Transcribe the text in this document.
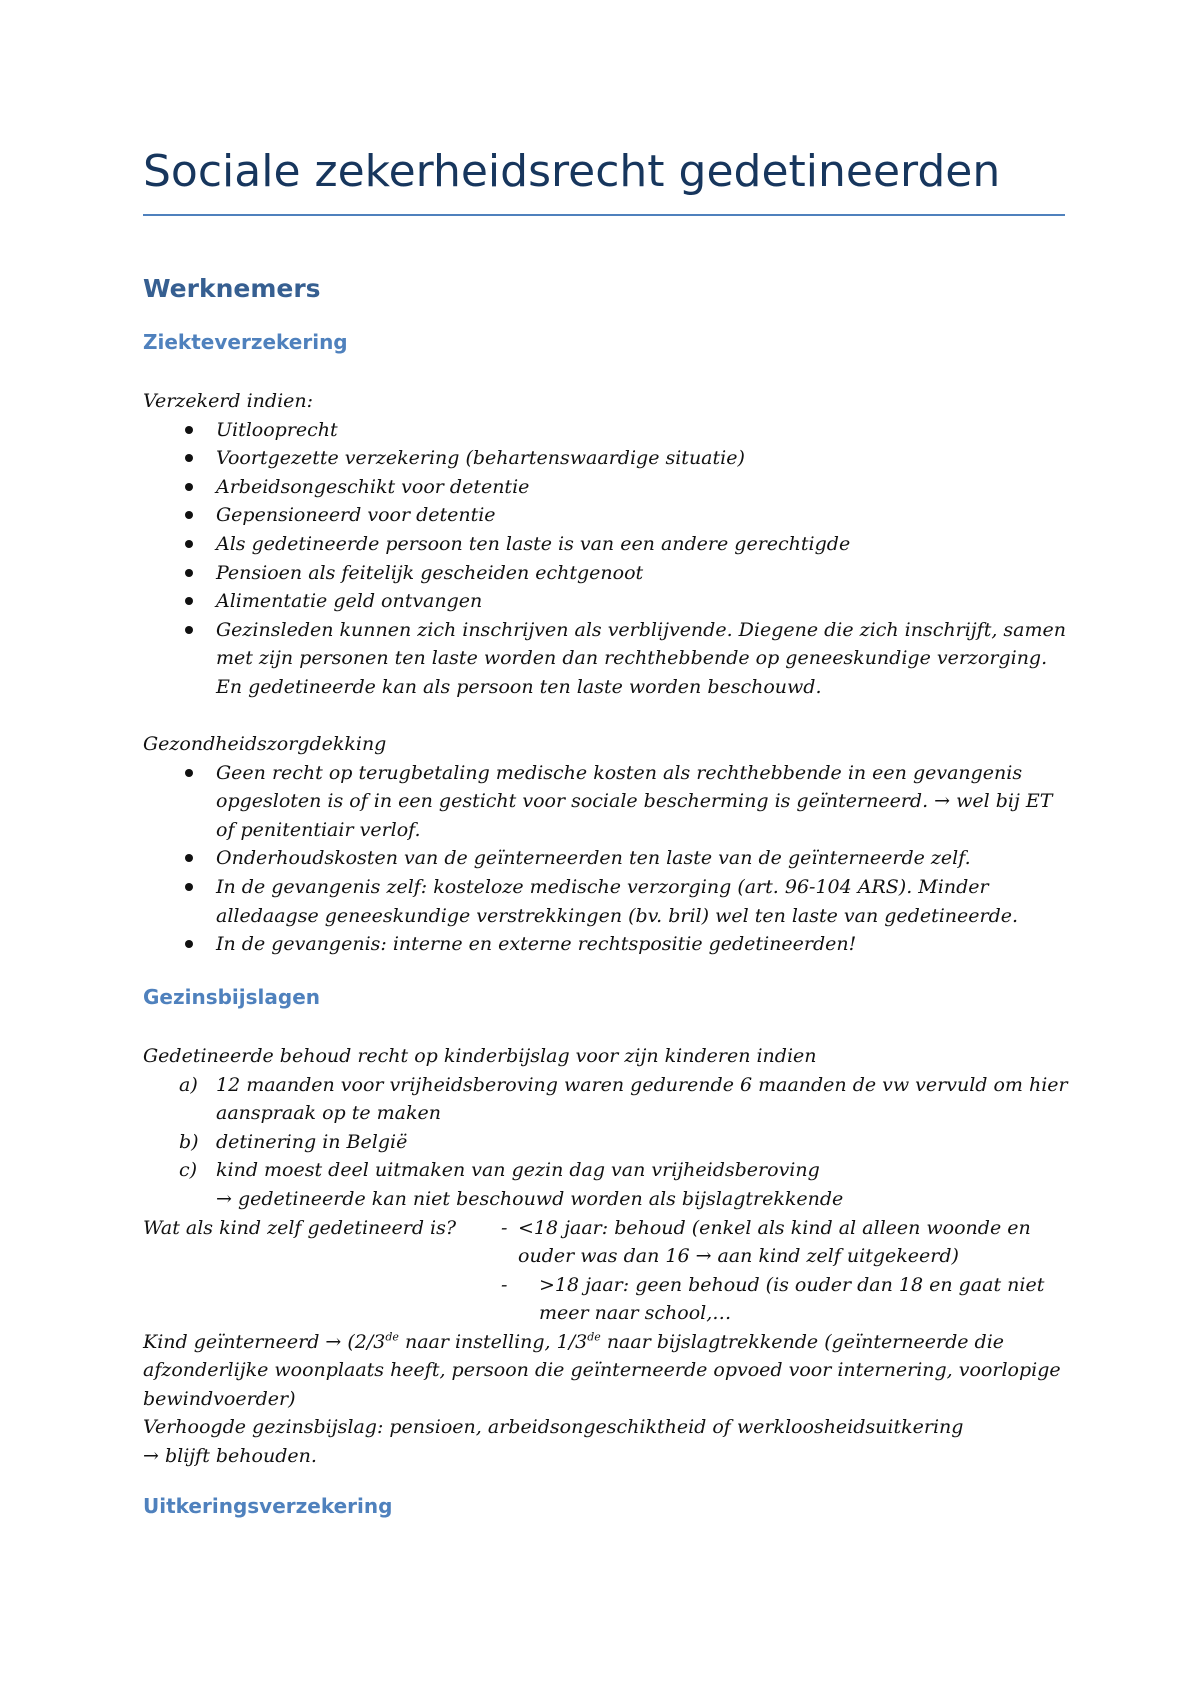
Sociale zekerheidsrecht gedetineerden
Werknemers
Ziekteverzekering

Verzekerd indien:

Uitlooprecht
Voortgezette verzekering (behartenswaardige situatie)
Arbeidsongeschikt voor detentie
Gepensioneerd voor detentie
Als gedetineerde persoon ten laste is van een andere gerechtigde
Pensioen als feitelijk gescheiden echtgenoot
Alimentatie geld ontvangen
Gezinsleden kunnen zich inschrijven als verblijvende. Diegene die zich inschrijft, samen met zijn personen ten laste worden dan rechthebbende op geneeskundige verzorging. En gedetineerde kan als persoon ten laste worden beschouwd.

Gezondheidszorgdekking

Geen recht op terugbetaling medische kosten als rechthebbende in een gevangenis opgesloten is of in een gesticht voor sociale bescherming is geïnterneerd. → wel bij ET of penitentiair verlof.
Onderhoudskosten van de geïnterneerden ten laste van de geïnterneerde zelf.
In de gevangenis zelf: kosteloze medische verzorging (art. 96-104 ARS). Minder alledaagse geneeskundige verstrekkingen (bv. bril) wel ten laste van gedetineerde.
In de gevangenis: interne en externe rechtspositie gedetineerden!
Gezinsbijslagen

Gedetineerde behoud recht op kinderbijslag voor zijn kinderen indien

a) 12 maanden voor vrijheidsberoving waren gedurende 6 maanden de vw vervuld om hier aanspraak op te maken
b) detinering in België
c) kind moest deel uitmaken van gezin dag van vrijheidsberoving

→ gedetineerde kan niet beschouwd worden als bijslagtrekkende

Wat als kind zelf gedetineerd is? - <18 jaar: behoud (enkel als kind al alleen woonde en ouder was dan 16 → aan kind zelf uitgekeerd)
- >18 jaar: geen behoud (is ouder dan 18 en gaat niet meer naar school,…

Kind geïnterneerd → (2/3de naar instelling, 1/3de naar bijslagtrekkende (geïnterneerde die afzonderlijke woonplaats heeft, persoon die geïnterneerde opvoed voor internering, voorlopige bewindvoerder)

Verhoogde gezinsbijslag: pensioen, arbeidsongeschiktheid of werkloosheidsuitkering

→ blijft behouden.

Uitkeringsverzekering
